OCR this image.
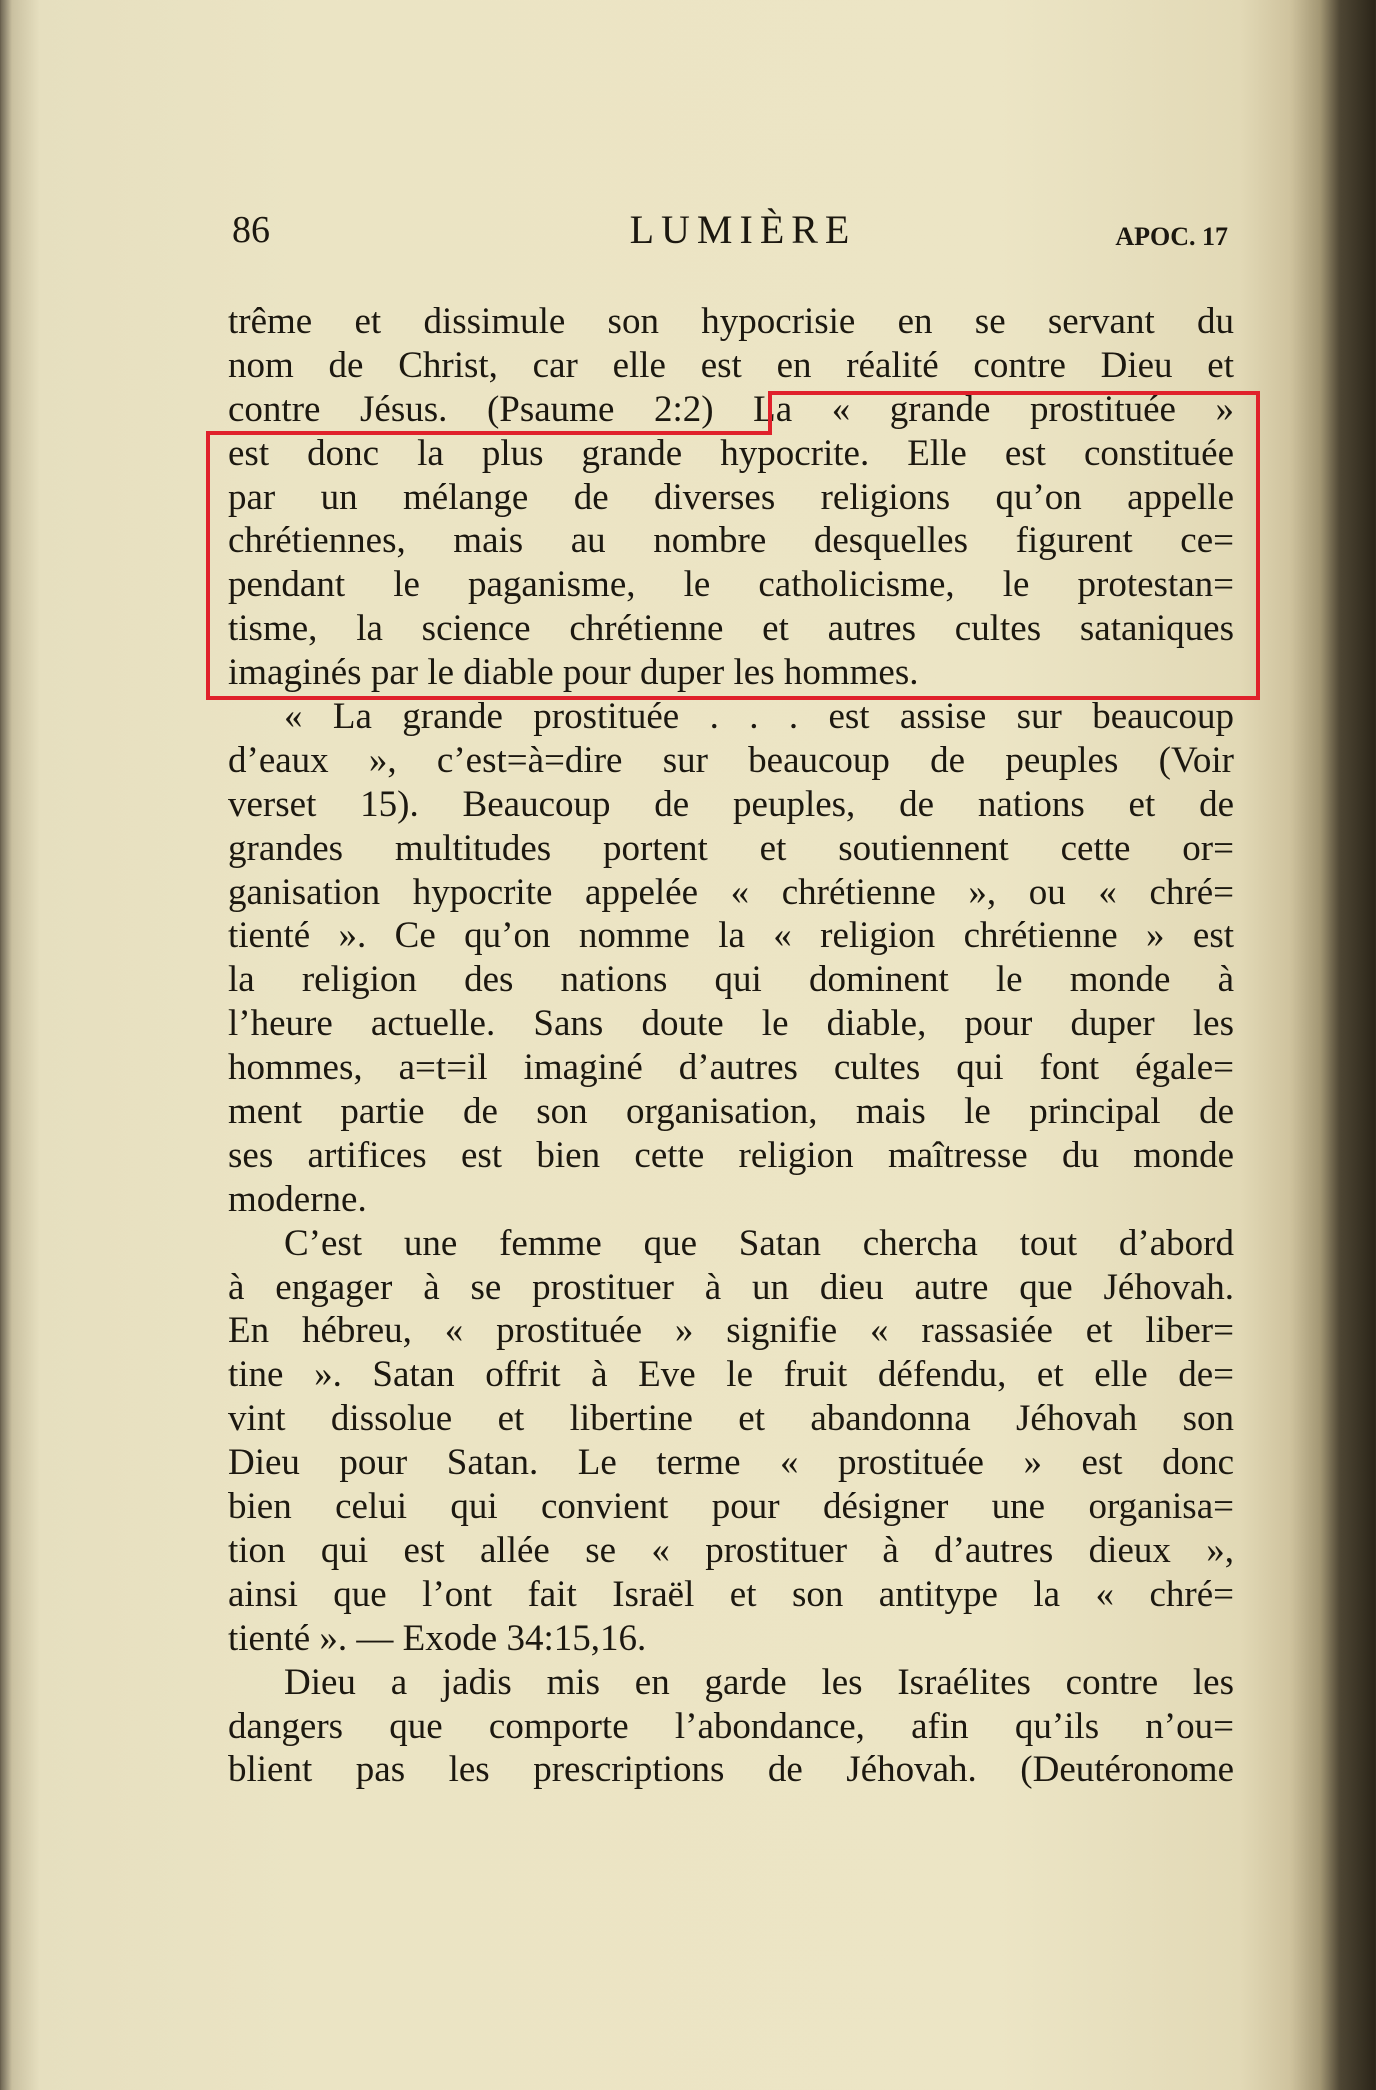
86	LUMIÈRE	APOC. 17
trême et dissimule son hypocrisie en se servant du
nom de Christ, car elle est en réalité contre Dieu et
contre Jésus. (Psaume 2:2) La « grande prostituée »
est donc la plus grande hypocrite. Elle est constituée
par un mélange de diverses religions qu’on appelle
chrétiennes, mais au nombre desquelles figurent ce=
pendant le paganisme, le catholicisme, le protestan=
tisme, la science chrétienne et autres cultes sataniques
imaginés par le diable pour duper les hommes.
« La grande prostituée . . . est assise sur beaucoup
d’eaux », c’est=à=dire sur beaucoup de peuples (Voir
verset 15). Beaucoup de peuples, de nations et de
grandes multitudes portent et soutiennent cette or=
ganisation hypocrite appelée « chrétienne », ou « chré=
tienté ». Ce qu’on nomme la « religion chrétienne » est
la religion des nations qui dominent le monde à
l’heure actuelle. Sans doute le diable, pour duper les
hommes, a=t=il imaginé d’autres cultes qui font égale=
ment partie de son organisation, mais le principal de
ses artifices est bien cette religion maîtresse du monde
moderne.
C’est une femme que Satan chercha tout d’abord
à engager à se prostituer à un dieu autre que Jéhovah.
En hébreu, « prostituée » signifie « rassasiée et liber=
tine ». Satan offrit à Eve le fruit défendu, et elle de=
vint dissolue et libertine et abandonna Jéhovah son
Dieu pour Satan. Le terme « prostituée » est donc
bien celui qui convient pour désigner une organisa=
tion qui est allée se « prostituer à d’autres dieux »,
ainsi que l’ont fait Israël et son antitype la « chré=
tienté ». — Exode 34:15,16.
Dieu a jadis mis en garde les Israélites contre les
dangers que comporte l’abondance, afin qu’ils n’ou=
blient pas les prescriptions de Jéhovah. (Deutéronome
